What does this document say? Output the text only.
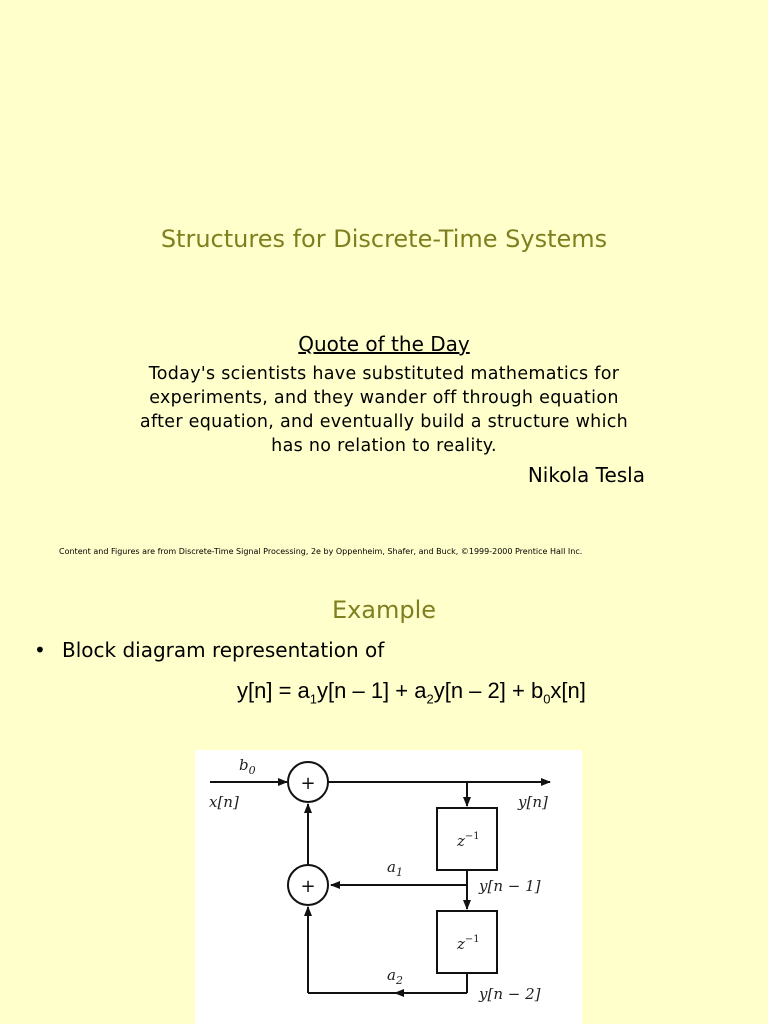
Structures for Discrete-Time Systems
Quote of the Day
Today's scientists have substituted mathematics for
experiments, and they wander off through equation
after equation, and eventually build a structure which
has no relation to reality.
Nikola Tesla
Content and Figures are from Discrete-Time Signal Processing, 2e by Oppenheim, Shafer, and Buck, ©1999-2000 Prentice Hall Inc.
Example
• Block diagram representation of
$y[n] = a_1y[n - 1] + a_2y[n - 2] + b_0x[n]$
+
+
$z^{-1}$
$z^{-1}$
$b_0$
x[n]	y[n]
$a_1$
y[n − 1]
$a_2$
y[n − 2]
